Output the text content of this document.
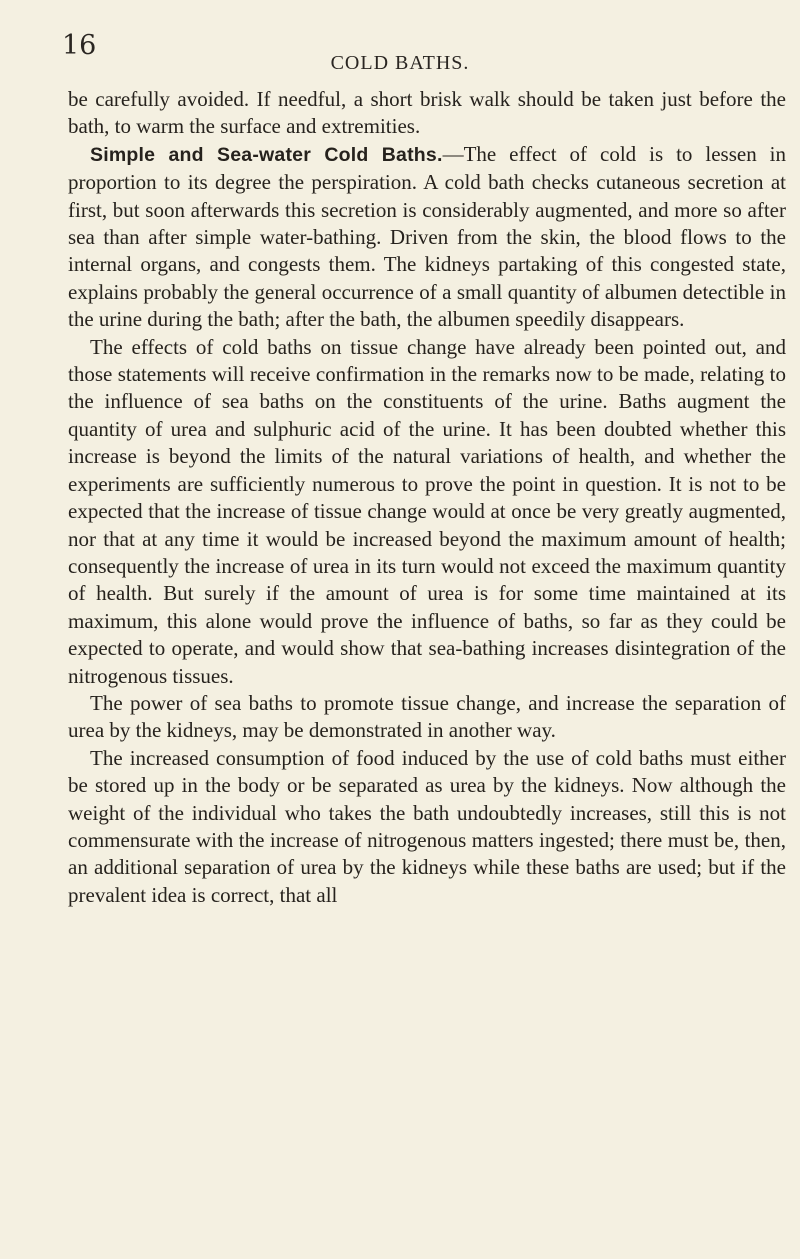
16
COLD BATHS.

be carefully avoided. If needful, a short brisk walk should be taken just before the bath, to warm the surface and extremities.

Simple and Sea-water Cold Baths.—The effect of cold is to lessen in proportion to its degree the perspiration. A cold bath checks cutaneous secretion at first, but soon afterwards this secretion is considerably augmented, and more so after sea than after simple water-bathing. Driven from the skin, the blood flows to the internal organs, and congests them. The kidneys partaking of this congested state, explains probably the general occurrence of a small quantity of albumen detectible in the urine during the bath; after the bath, the albumen speedily disappears.

The effects of cold baths on tissue change have already been pointed out, and those statements will receive confirmation in the remarks now to be made, relating to the influence of sea baths on the constituents of the urine. Baths augment the quantity of urea and sulphuric acid of the urine. It has been doubted whether this increase is beyond the limits of the natural variations of health, and whether the experiments are sufficiently numerous to prove the point in question. It is not to be expected that the increase of tissue change would at once be very greatly augmented, nor that at any time it would be increased beyond the maximum amount of health; consequently the increase of urea in its turn would not exceed the maximum quantity of health. But surely if the amount of urea is for some time maintained at its maximum, this alone would prove the influence of baths, so far as they could be expected to operate, and would show that sea-bathing increases disintegration of the nitrogenous tissues.

The power of sea baths to promote tissue change, and increase the separation of urea by the kidneys, may be demonstrated in another way.

The increased consumption of food induced by the use of cold baths must either be stored up in the body or be separated as urea by the kidneys. Now although the weight of the individual who takes the bath undoubtedly increases, still this is not commensurate with the increase of nitrogenous matters ingested; there must be, then, an additional separation of urea by the kidneys while these baths are used; but if the prevalent idea is correct, that all
